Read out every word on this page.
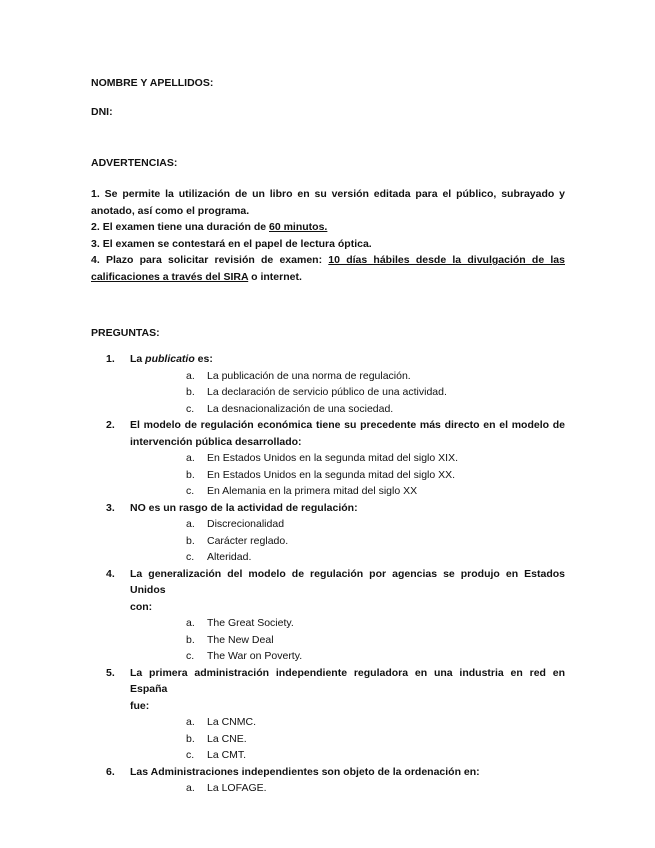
NOMBRE Y APELLIDOS:
DNI:
ADVERTENCIAS:

1. Se permite la utilización de un libro en su versión editada para el público, subrayado y

anotado, así como el programa.

2. El examen tiene una duración de 60 minutos.

3. El examen se contestará en el papel de lectura óptica.

4. Plazo para solicitar revisión de examen: 10 días hábiles desde la divulgación de las

calificaciones a través del SIRA o internet.

PREGUNTAS:
1. La publicatio es:
a. La publicación de una norma de regulación.
b. La declaración de servicio público de una actividad.
c. La desnacionalización de una sociedad.
2. El modelo de regulación económica tiene su precedente más directo en el modelo de
intervención pública desarrollado:
a. En Estados Unidos en la segunda mitad del siglo XIX.
b. En Estados Unidos en la segunda mitad del siglo XX.
c. En Alemania en la primera mitad del siglo XX
3. NO es un rasgo de la actividad de regulación:
a. Discrecionalidad
b. Carácter reglado.
c. Alteridad.
4. La generalización del modelo de regulación por agencias se produjo en Estados Unidos
con:
a. The Great Society.
b. The New Deal
c. The War on Poverty.
5. La primera administración independiente reguladora en una industria en red en España
fue:
a. La CNMC.
b. La CNE.
c. La CMT.
6. Las Administraciones independientes son objeto de la ordenación en:
a. La LOFAGE.
